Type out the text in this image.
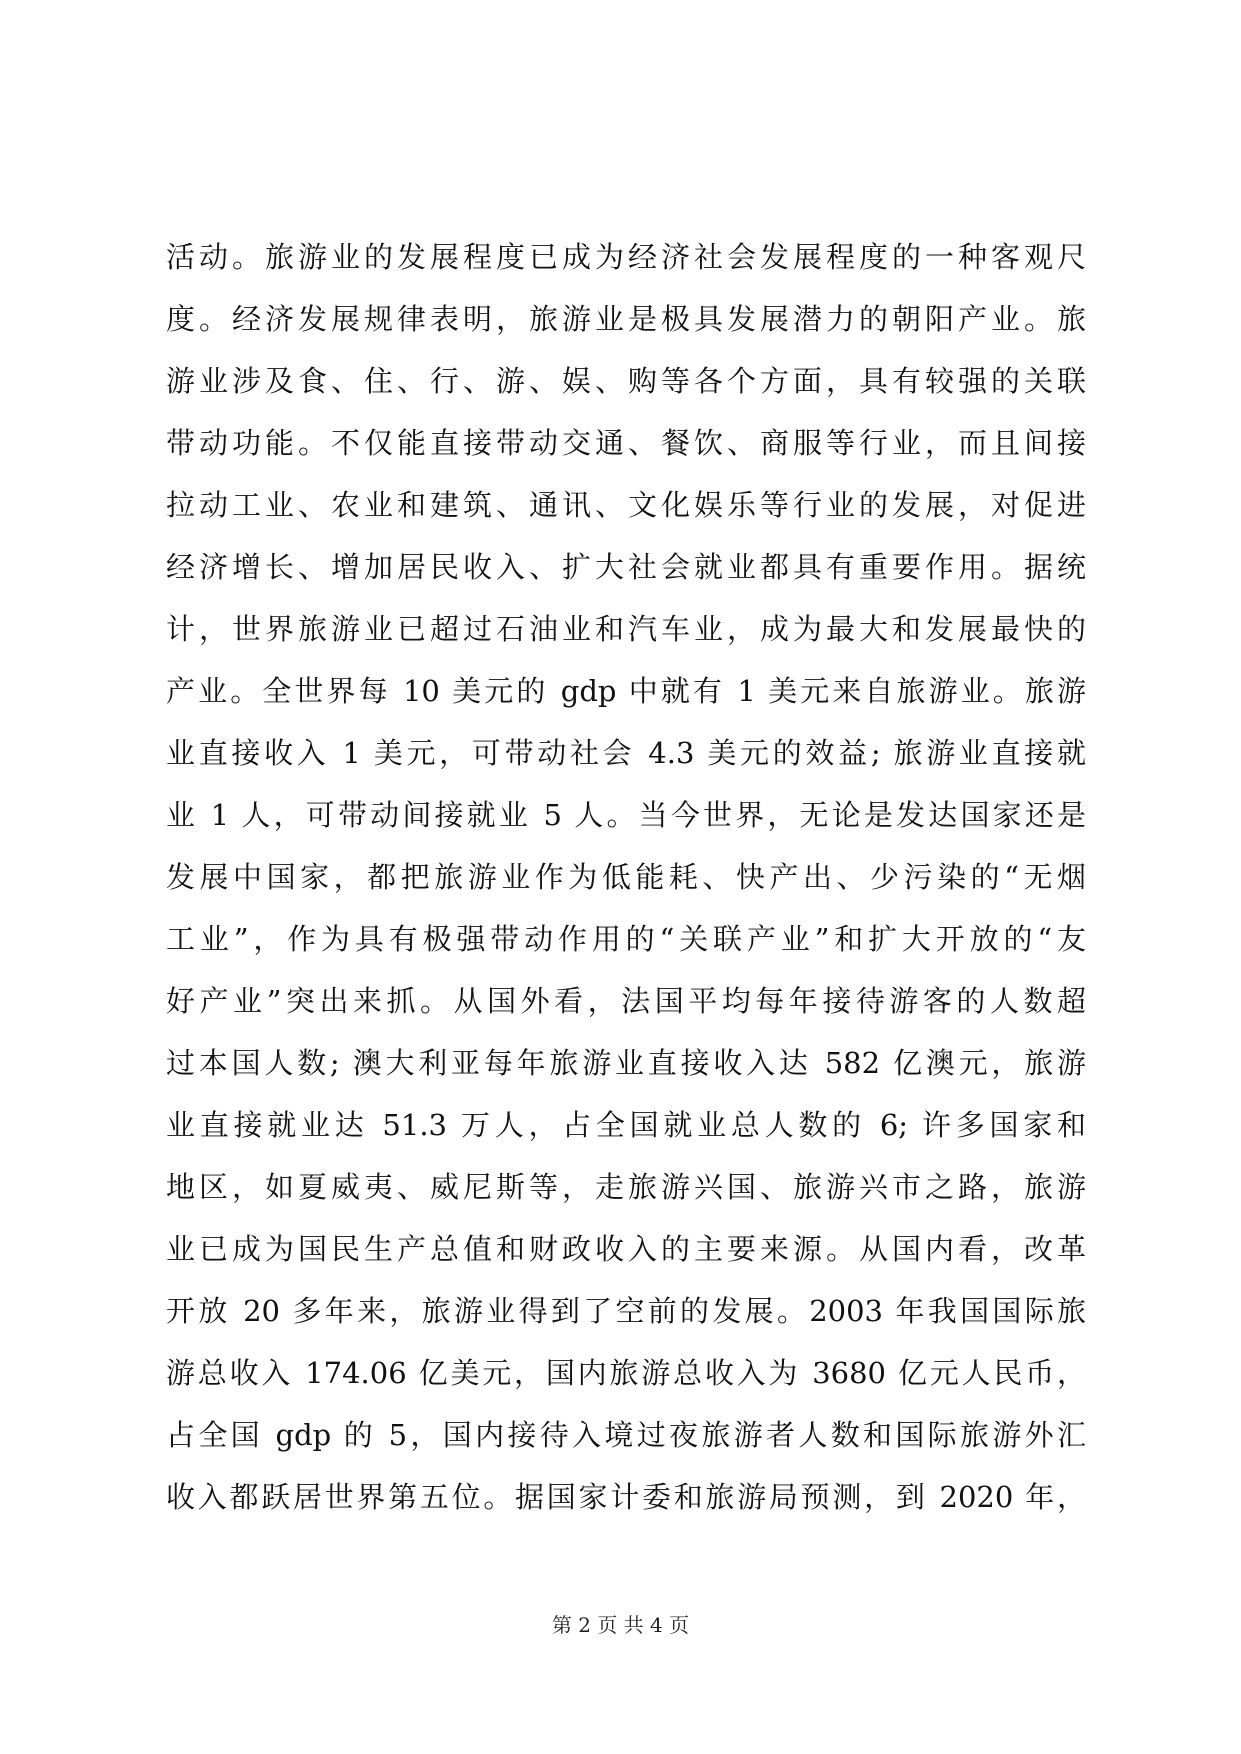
活动。旅游业的发展程度已成为经济社会发展程度的一种客观尺
度。经济发展规律表明，旅游业是极具发展潜力的朝阳产业。旅
游业涉及食、住、行、游、娱、购等各个方面，具有较强的关联
带动功能。不仅能直接带动交通、餐饮、商服等行业，而且间接
拉动工业、农业和建筑、通讯、文化娱乐等行业的发展，对促进
经济增长、增加居民收入、扩大社会就业都具有重要作用。据统
计，世界旅游业已超过石油业和汽车业，成为最大和发展最快的
产业。全世界每 10 美元的 gdp 中就有 1 美元来自旅游业。旅游
业直接收入 1 美元，可带动社会 4.3 美元的效益; 旅游业直接就
业 1 人，可带动间接就业 5 人。当今世界，无论是发达国家还是
发展中国家，都把旅游业作为低能耗、快产出、少污染的“无烟
工业”，作为具有极强带动作用的“关联产业”和扩大开放的“友
好产业”突出来抓。从国外看，法国平均每年接待游客的人数超
过本国人数; 澳大利亚每年旅游业直接收入达 582 亿澳元，旅游
业直接就业达 51.3 万人，占全国就业总人数的 6; 许多国家和
地区，如夏威夷、威尼斯等，走旅游兴国、旅游兴市之路，旅游
业已成为国民生产总值和财政收入的主要来源。从国内看，改革
开放 20 多年来，旅游业得到了空前的发展。2003 年我国国际旅
游总收入 174.06 亿美元，国内旅游总收入为 3680 亿元人民币，
占全国 gdp 的 5，国内接待入境过夜旅游者人数和国际旅游外汇
收入都跃居世界第五位。据国家计委和旅游局预测，到 2020 年，
第 2 页 共 4 页
